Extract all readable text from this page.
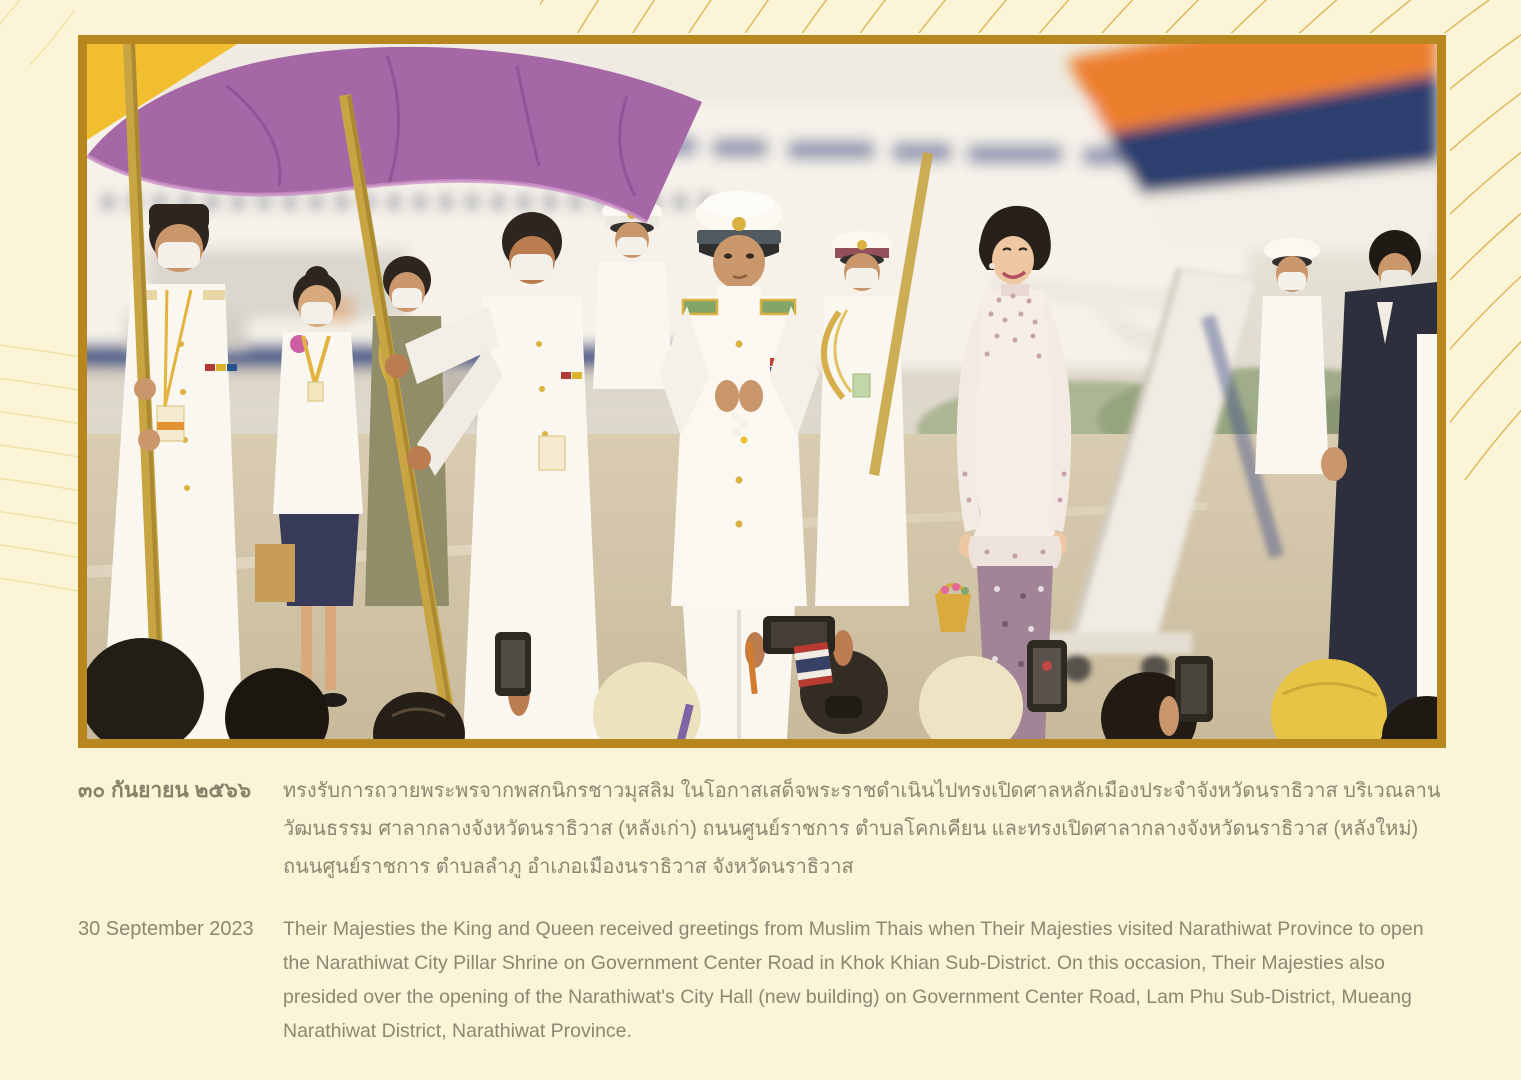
๓๐ กันยายน ๒๕๖๖	ทรงรับการถวายพระพรจากพสกนิกรชาวมุสลิม ในโอกาสเสด็จพระราชดำเนินไปทรงเปิดศาลหลักเมืองประจำจังหวัดนราธิวาส บริเวณลานวัฒนธรรม ศาลากลางจังหวัดนราธิวาส (หลังเก่า) ถนนศูนย์ราชการ ตำบลโคกเคียน และทรงเปิดศาลากลางจังหวัดนราธิวาส (หลังใหม่) ถนนศูนย์ราชการ ตำบลลำภู อำเภอเมืองนราธิวาส จังหวัดนราธิวาส

30 September 2023	Their Majesties the King and Queen received greetings from Muslim Thais when Their Majesties visited Narathiwat Province to open the Narathiwat City Pillar Shrine on Government Center Road in Khok Khian Sub-District. On this occasion, Their Majesties also presided over the opening of the Narathiwat's City Hall (new building) on Government Center Road, Lam Phu Sub-District, Mueang Narathiwat District, Narathiwat Province.
